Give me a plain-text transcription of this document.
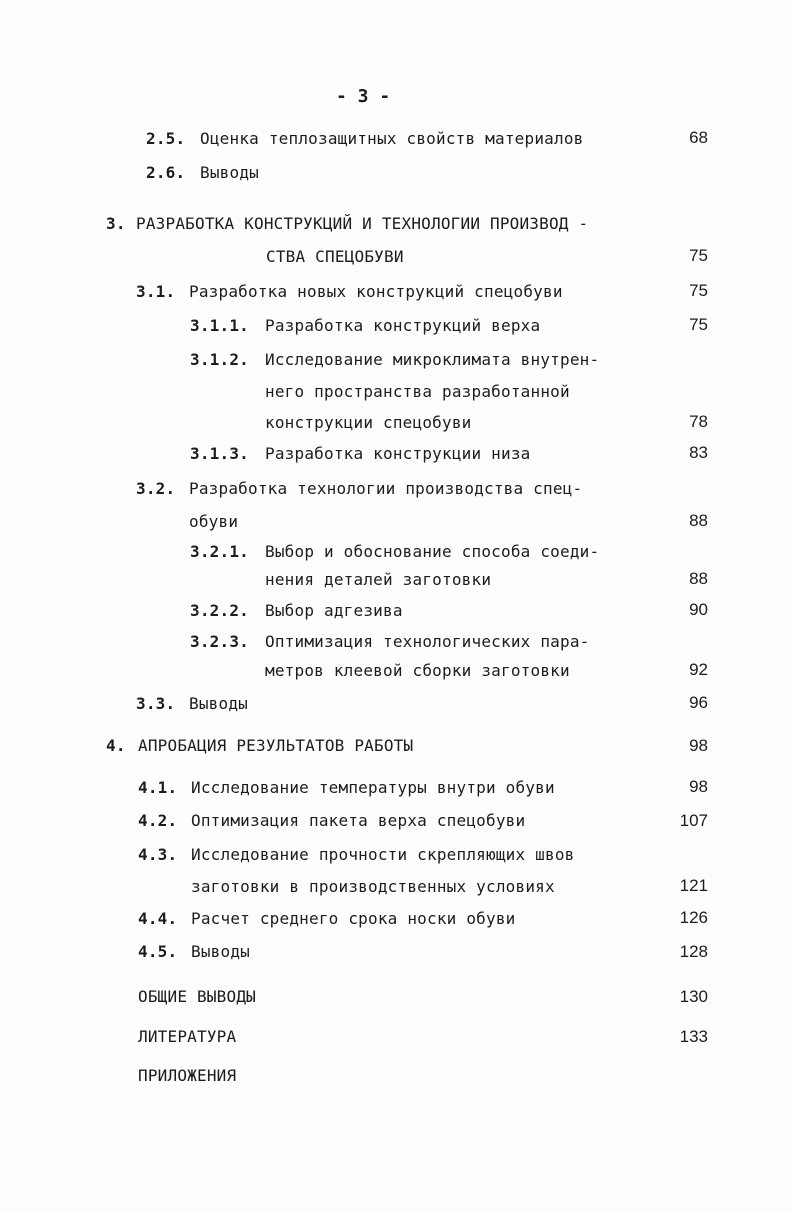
- 3 -
2.5. Оценка теплозащитных свойств материалов	68
2.6. Выводы
3. РАЗРАБОТКА КОНСТРУКЦИЙ И ТЕХНОЛОГИИ ПРОИЗВОД -
СТВА СПЕЦОБУВИ	75
3.1. Разработка новых конструкций спецобуви	75
3.1.1. Разработка конструкций верха	75
3.1.2. Исследование микроклимата внутрен-
него пространства разработанной
конструкции спецобуви	78
3.1.3. Разработка конструкции низа	83
3.2. Разработка технологии производства спец-
обуви	88
3.2.1. Выбор и обоснование способа соеди-
нения деталей заготовки	88
3.2.2. Выбор адгезива	90
3.2.3. Оптимизация технологических пара-
метров клеевой сборки заготовки	92
3.3. Выводы	96
4. АПРОБАЦИЯ РЕЗУЛЬТАТОВ РАБОТЫ	98
4.1. Исследование температуры внутри обуви	98
4.2. Оптимизация пакета верха спецобуви	107
4.3. Исследование прочности скрепляющих швов
заготовки в производственных условиях	121
4.4. Расчет среднего срока носки обуви	126
4.5. Выводы	128
ОБЩИЕ ВЫВОДЫ	130
ЛИТЕРАТУРА	133
ПРИЛОЖЕНИЯ
